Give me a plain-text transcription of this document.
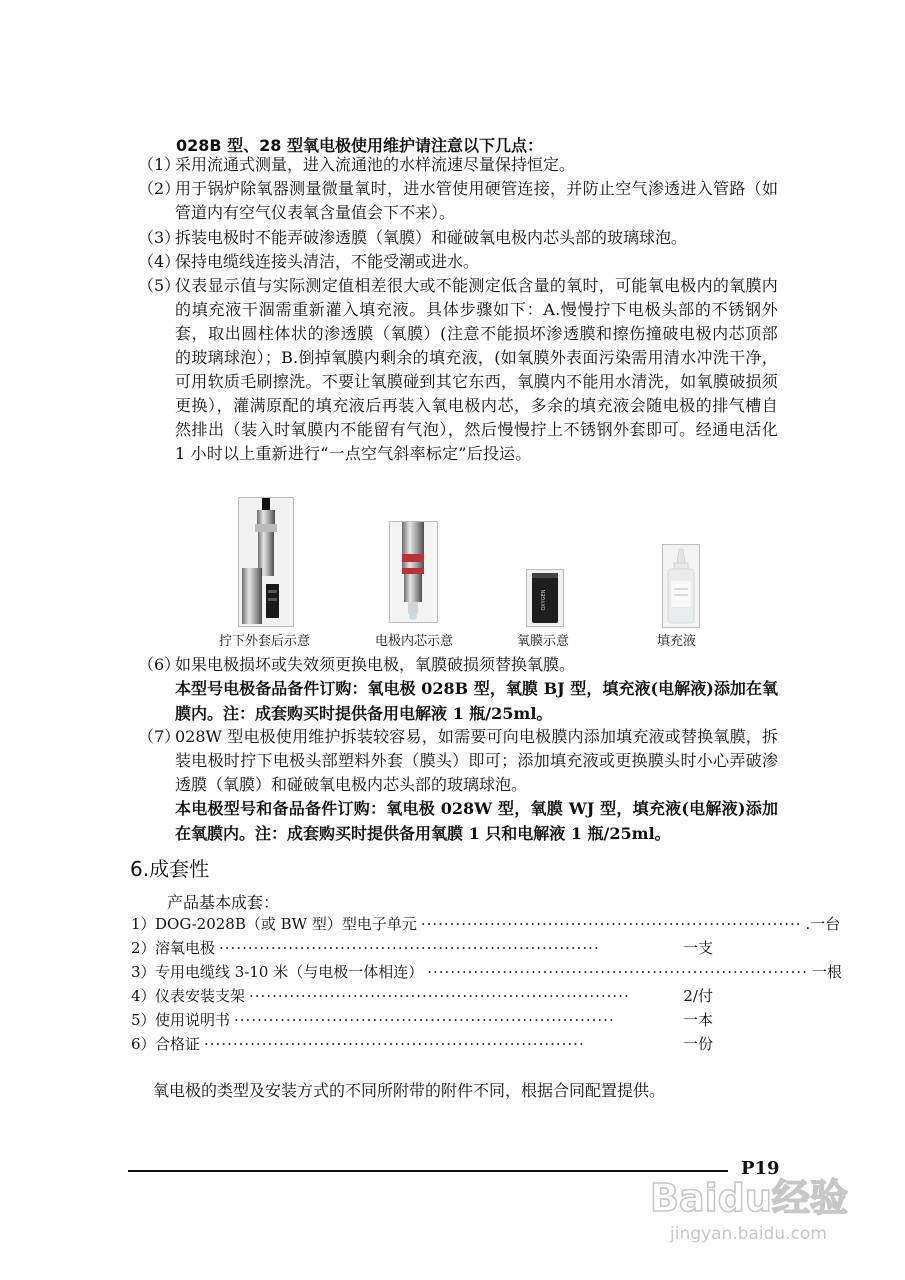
028B 型、28 型氧电极使用维护请注意以下几点：
（1）
采用流通式测量，进入流通池的水样流速尽量保持恒定。
（2）
用于锅炉除氧器测量微量氧时，进水管使用硬管连接，并防止空气渗透进入管路（如管道内有空气仪表氧含量值会下不来）。
（3）
拆装电极时不能弄破渗透膜（氧膜）和碰破氧电极内芯头部的玻璃球泡。
（4）
保持电缆线连接头清洁，不能受潮或进水。
（5）
仪表显示值与实际测定值相差很大或不能测定低含量的氧时，可能氧电极内的氧膜内的填充液干涸需重新灌入填充液。具体步骤如下：A.慢慢拧下电极头部的不锈钢外套，取出圆柱体状的渗透膜（氧膜）(注意不能损坏渗透膜和擦伤撞破电极内芯顶部的玻璃球泡）；B.倒掉氧膜内剩余的填充液，(如氧膜外表面污染需用清水冲洗干净，可用软质毛刷擦洗。不要让氧膜碰到其它东西，氧膜内不能用水清洗，如氧膜破损须更换），灌满原配的填充液后再装入氧电极内芯，多余的填充液会随电极的排气槽自然排出（装入时氧膜内不能留有气泡），然后慢慢拧上不锈钢外套即可。经通电活化 1 小时以上重新进行“一点空气斜率标定”后投运。
OXYGEN
拧下外套后示意	电极内芯示意	氧膜示意	填充液
（6）
如果电极损坏或失效须更换电极，氧膜破损须替换氧膜。
本型号电极备品备件订购：氧电极 028B 型，氧膜 BJ 型，填充液(电解液)添加在氧膜内。注：成套购买时提供备用电解液 1 瓶/25ml。
（7）
028W 型电极使用维护拆装较容易，如需要可向电极膜内添加填充液或替换氧膜，拆装电极时拧下电极头部塑料外套（膜头）即可；添加填充液或更换膜头时小心弄破渗透膜（氧膜）和碰破氧电极内芯头部的玻璃球泡。
本电极型号和备品备件订购：氧电极 028W 型，氧膜 WJ 型，填充液(电解液)添加在氧膜内。注：成套购买时提供备用氧膜 1 只和电解液 1 瓶/25ml。
6.成套性
产品基本成套：
1） DOG-2028B（或 BW 型）型电子单元 ·································································· .一台
2） 溶氧电极 ··································································	一支
3） 专用电缆线 3-10 米（与电极一体相连） ·································································· 一根
4） 仪表安装支架 ··································································	2/付
5） 使用说明书 ··································································	一本
6） 合格证 ··································································	一份
氧电极的类型及安装方式的不同所附带的附件不同，根据合同配置提供。
P19
Baidu经验
jingyan.baidu.com
